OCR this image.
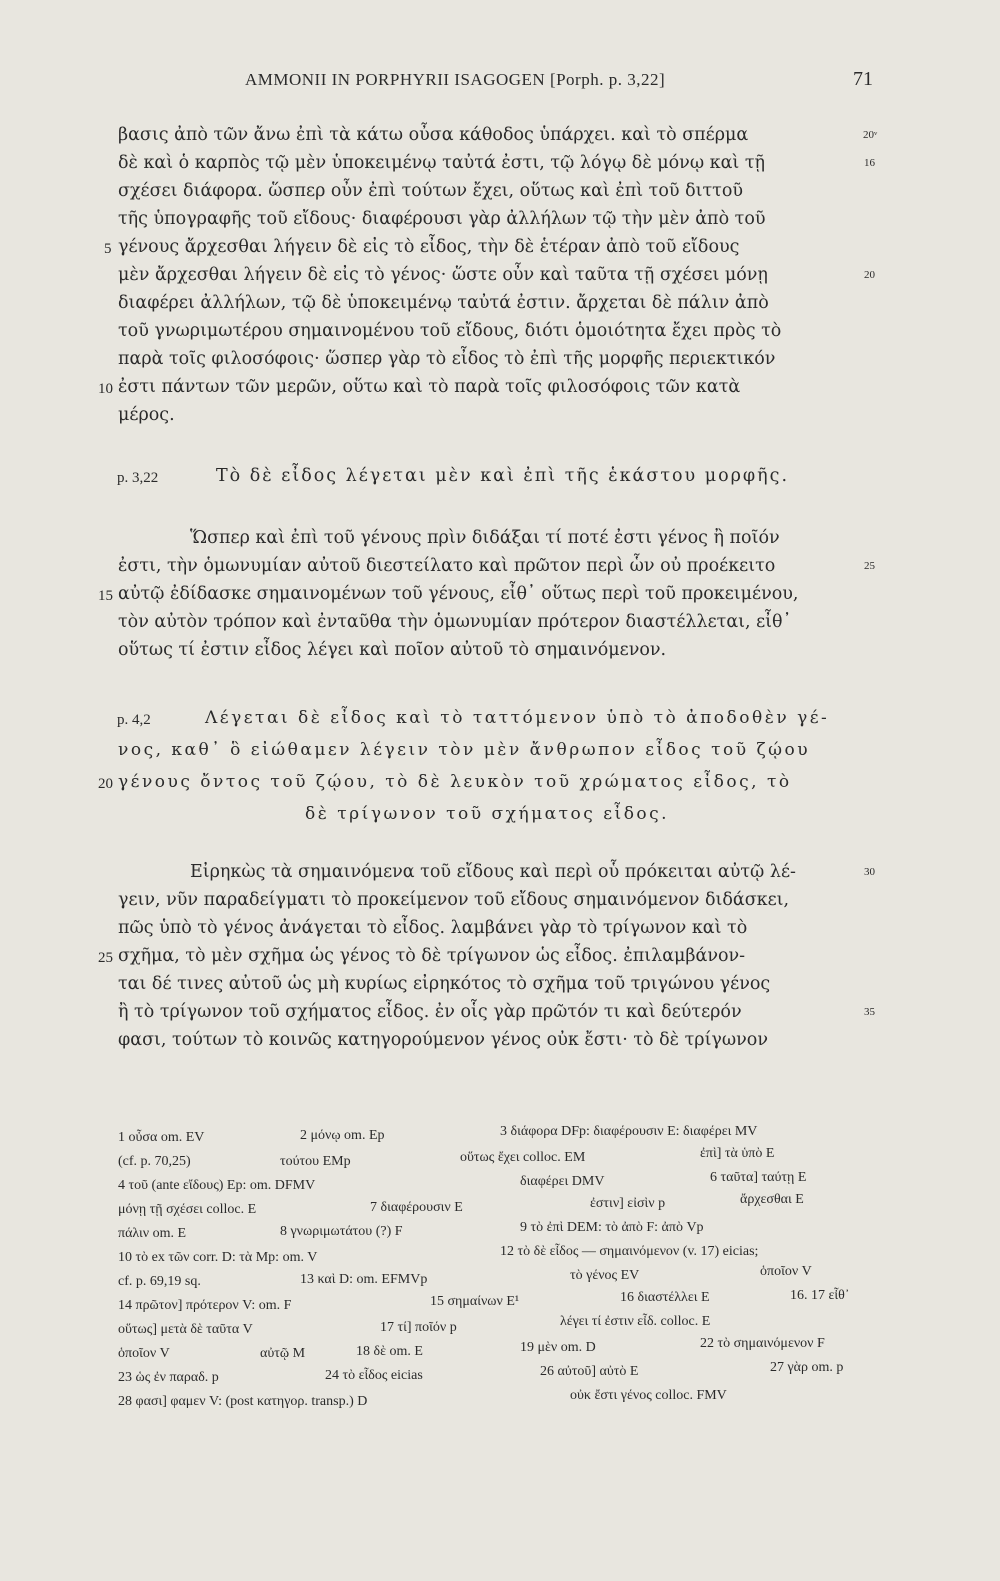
AMMONII IN PORPHYRII ISAGOGEN [Porph. p. 3,22]	71
βασις ἀπὸ τῶν ἄνω ἐπὶ τὰ κάτω οὖσα κάθοδος ὑπάρχει. καὶ τὸ σπέρμα
δὲ καὶ ὁ καρπὸς τῷ μὲν ὑποκειμένῳ ταὐτά ἐστι, τῷ λόγῳ δὲ μόνῳ καὶ τῇ
σχέσει διάφορα. ὥσπερ οὖν ἐπὶ τούτων ἔχει, οὕτως καὶ ἐπὶ τοῦ διττοῦ
τῆς ὑπογραφῆς τοῦ εἴδους· διαφέρουσι γὰρ ἀλλήλων τῷ τὴν μὲν ἀπὸ τοῦ
γένους ἄρχεσθαι λήγειν δὲ εἰς τὸ εἶδος, τὴν δὲ ἑτέραν ἀπὸ τοῦ εἴδους
μὲν ἄρχεσθαι λήγειν δὲ εἰς τὸ γένος· ὥστε οὖν καὶ ταῦτα τῇ σχέσει μόνῃ
διαφέρει ἀλλήλων, τῷ δὲ ὑποκειμένῳ ταὐτά ἐστιν. ἄρχεται δὲ πάλιν ἀπὸ
τοῦ γνωριμωτέρου σημαινομένου τοῦ εἴδους, διότι ὁμοιότητα ἔχει πρὸς τὸ
παρὰ τοῖς φιλοσόφοις· ὥσπερ γὰρ τὸ εἶδος τὸ ἐπὶ τῆς μορφῆς περιεκτικόν
ἐστι πάντων τῶν μερῶν, οὕτω καὶ τὸ παρὰ τοῖς φιλοσόφοις τῶν κατὰ
μέρος.
p. 3,22	Τὸ δὲ εἶδος λέγεται μὲν καὶ ἐπὶ τῆς ἑκάστου μορφῆς.
Ὥσπερ καὶ ἐπὶ τοῦ γένους πρὶν διδάξαι τί ποτέ ἐστι γένος ἢ ποῖόν
ἐστι, τὴν ὁμωνυμίαν αὐτοῦ διεστείλατο καὶ πρῶτον περὶ ὧν οὐ προέκειτο
αὐτῷ ἐδίδασκε σημαινομένων τοῦ γένους, εἶθ᾽ οὕτως περὶ τοῦ προκειμένου,
τὸν αὐτὸν τρόπον καὶ ἐνταῦθα τὴν ὁμωνυμίαν πρότερον διαστέλλεται, εἶθ᾽
οὕτως τί ἐστιν εἶδος λέγει καὶ ποῖον αὐτοῦ τὸ σημαινόμενον.
p. 4,2	Λέγεται δὲ εἶδος καὶ τὸ ταττόμενον ὑπὸ τὸ ἀποδοθὲν γέ-
νος, καθ᾽ ὃ εἰώθαμεν λέγειν τὸν μὲν ἄνθρωπον εἶδος τοῦ ζῴου
γένους ὄντος τοῦ ζῴου, τὸ δὲ λευκὸν τοῦ χρώματος εἶδος, τὸ
δὲ τρίγωνον τοῦ σχήματος εἶδος.
Εἰρηκὼς τὰ σημαινόμενα τοῦ εἴδους καὶ περὶ οὗ πρόκειται αὐτῷ λέ-
γειν, νῦν παραδείγματι τὸ προκείμενον τοῦ εἴδους σημαινόμενον διδάσκει,
πῶς ὑπὸ τὸ γένος ἀνάγεται τὸ εἶδος. λαμβάνει γὰρ τὸ τρίγωνον καὶ τὸ
σχῆμα, τὸ μὲν σχῆμα ὡς γένος τὸ δὲ τρίγωνον ὡς εἶδος. ἐπιλαμβάνον-
ται δέ τινες αὐτοῦ ὡς μὴ κυρίως εἰρηκότος τὸ σχῆμα τοῦ τριγώνου γένος
ἢ τὸ τρίγωνον τοῦ σχήματος εἶδος. ἐν οἷς γὰρ πρῶτόν τι καὶ δεύτερόν
φασι, τούτων τὸ κοινῶς κατηγορούμενον γένος οὐκ ἔστι· τὸ δὲ τρίγωνον
5
10
15
20
25
20ᵛ
16
20
25
30
35
1 οὖσα om. EV	2 μόνῳ om. Ep	3 διάφορα DFp: διαφέρουσιν E: διαφέρει MV
(cf. p. 70,25)	τούτου EMp	οὕτως ἔχει colloc. EM	ἐπὶ] τὰ ὑπὸ E
4 τοῦ (ante εἴδους) Ep: om. DFMV	διαφέρει DMV	6 ταῦτα] ταύτῃ E
μόνῃ τῇ σχέσει colloc. E	7 διαφέρουσιν E	ἐστιν] εἰσὶν p	ἄρχεσθαι E
πάλιν om. E	8 γνωριμωτάτου (?) F	9 τὸ ἐπὶ DEM: τὸ ἀπὸ F: ἀπὸ Vp
10 τὸ ex τῶν corr. D: τὰ Mp: om. V	12 τὸ δὲ εἶδος — σημαινόμενον (v. 17) eicias;
cf. p. 69,19 sq.	13 καὶ D: om. EFMVp	τὸ γένος EV	ὁποῖον V
14 πρῶτον] πρότερον V: om. F	15 σημαίνων E¹	16 διαστέλλει E	16. 17 εἶθ᾽
οὕτως] μετὰ δὲ ταῦτα V	17 τί] ποῖόν p	λέγει τί ἐστιν εἶδ. colloc. E
ὁποῖον V	αὐτῷ M	18 δὲ om. E	19 μὲν om. D	22 τὸ σημαινόμενον F
23 ὡς ἐν παραδ. p	24 τὸ εἶδος eicias	26 αὐτοῦ] αὐτὸ E	27 γὰρ om. p
28 φασι] φαμεν V: (post κατηγορ. transp.) D	οὐκ ἔστι γένος colloc. FMV
